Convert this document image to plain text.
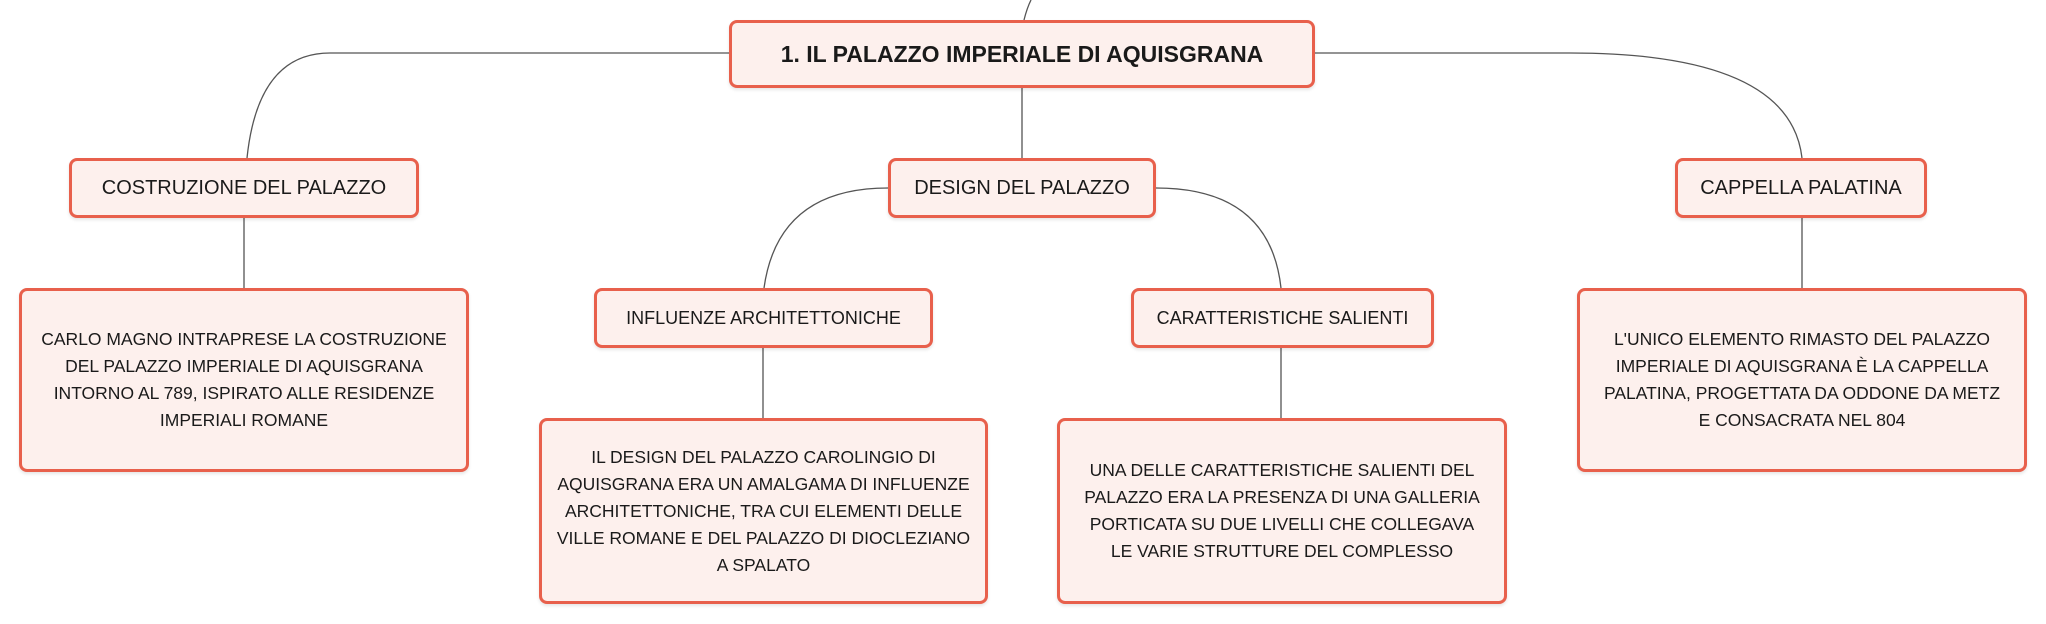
1. IL PALAZZO IMPERIALE DI AQUISGRANA
COSTRUZIONE DEL PALAZZO	DESIGN DEL PALAZZO	CAPPELLA PALATINA
INFLUENZE ARCHITETTONICHE	CARATTERISTICHE SALIENTI
CARLO MAGNO INTRAPRESE LA COSTRUZIONE DEL PALAZZO IMPERIALE DI AQUISGRANA INTORNO AL 789, ISPIRATO ALLE RESIDENZE IMPERIALI ROMANE
IL DESIGN DEL PALAZZO CAROLINGIO DI AQUISGRANA ERA UN AMALGAMA DI INFLUENZE ARCHITETTONICHE, TRA CUI ELEMENTI DELLE VILLE ROMANE E DEL PALAZZO DI DIOCLEZIANO A SPALATO
UNA DELLE CARATTERISTICHE SALIENTI DEL PALAZZO ERA LA PRESENZA DI UNA GALLERIA PORTICATA SU DUE LIVELLI CHE COLLEGAVA LE VARIE STRUTTURE DEL COMPLESSO
L'UNICO ELEMENTO RIMASTO DEL PALAZZO IMPERIALE DI AQUISGRANA È LA CAPPELLA PALATINA, PROGETTATA DA ODDONE DA METZ E CONSACRATA NEL 804
